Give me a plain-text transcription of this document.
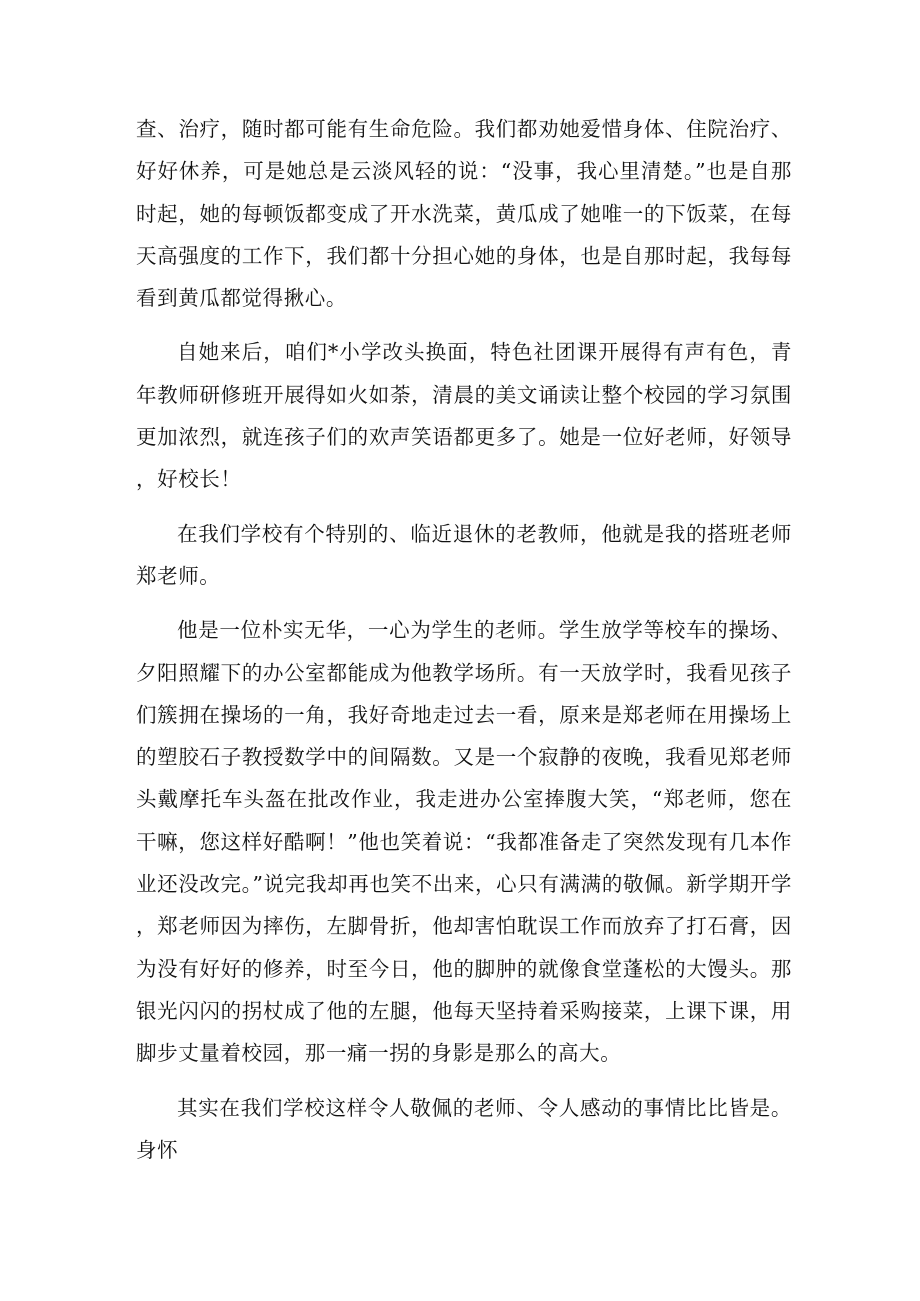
查、治疗，随时都可能有生命危险。我们都劝她爱惜身体、住院治疗、好好休养，可是她总是云淡风轻的说：“没事，我心里清楚。”也是自那时起，她的每顿饭都变成了开水洗菜，黄瓜成了她唯一的下饭菜，在每天高强度的工作下，我们都十分担心她的身体，也是自那时起，我每每看到黄瓜都觉得揪心。

自她来后，咱们*小学改头换面，特色社团课开展得有声有色，青年教师研修班开展得如火如荼，清晨的美文诵读让整个校园的学习氛围更加浓烈，就连孩子们的欢声笑语都更多了。她是一位好老师，好领导，好校长！

在我们学校有个特别的、临近退休的老教师，他就是我的搭班老师郑老师。

他是一位朴实无华，一心为学生的老师。学生放学等校车的操场、夕阳照耀下的办公室都能成为他教学场所。有一天放学时，我看见孩子们簇拥在操场的一角，我好奇地走过去一看，原来是郑老师在用操场上的塑胶石子教授数学中的间隔数。又是一个寂静的夜晚，我看见郑老师头戴摩托车头盔在批改作业，我走进办公室捧腹大笑，“郑老师，您在干嘛，您这样好酷啊！”他也笑着说：“我都准备走了突然发现有几本作业还没改完。”说完我却再也笑不出来，心只有满满的敬佩。新学期开学，郑老师因为摔伤，左脚骨折，他却害怕耽误工作而放弃了打石膏，因为没有好好的修养，时至今日，他的脚肿的就像食堂蓬松的大馒头。那银光闪闪的拐杖成了他的左腿，他每天坚持着采购接菜，上课下课，用脚步丈量着校园，那一痛一拐的身影是那么的高大。

其实在我们学校这样令人敬佩的老师、令人感动的事情比比皆是。身怀
